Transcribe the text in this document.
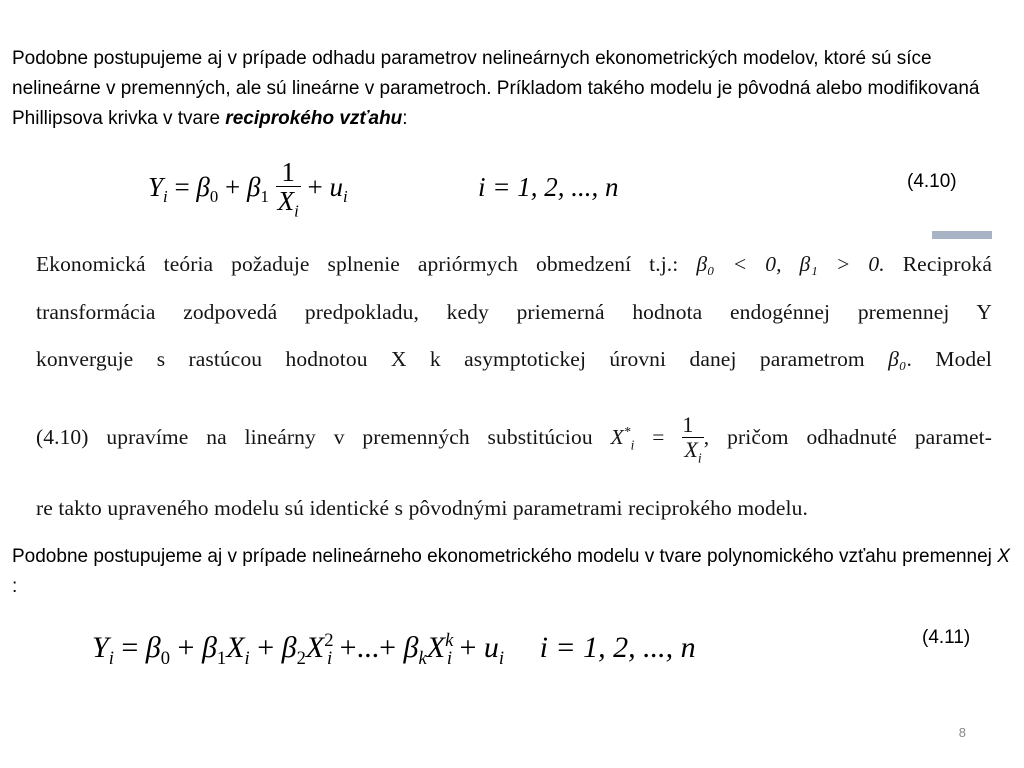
Podobne postupujeme aj v prípade odhadu parametrov nelineárnych ekonometrických modelov, ktoré sú síce nelineárne v premenných, ale sú lineárne v parametroch. Príkladom takého modelu je pôvodná alebo modifikovaná Phillipsova krivka v tvare reciprokého vzťahu:

$Y_i = \beta_0 + \beta_1 \frac{1}{X_i} + u_i$	i = 1, 2, ..., n	(4.10)

Ekonomická teória požaduje splnenie apriórmych obmedzení t.j.: β₀ < 0, β₁ > 0. Reciproká

transformácia zodpovedá predpokladu, kedy priemerná hodnota endogénnej premennej Y

konverguje s rastúcou hodnotou X k asymptotickej úrovni danej parametrom β₀. Model

(4.10) upravíme na lineárny v premenných substitúciou $X^*_i = \frac{1}{X_i}$ , pričom odhadnuté paramet-

re takto upraveného modelu sú identické s pôvodnými parametrami reciprokého modelu.

Podobne postupujeme aj v prípade nelineárneho ekonometrického modelu v tvare polynomického vzťahu premennej X :

$Y_i = \beta_0 + \beta_1X_i + \beta_2X^2_i$ +...+ $\beta_kX^k_i + u_i$ i = 1, 2, ..., n	(4.11)
8
